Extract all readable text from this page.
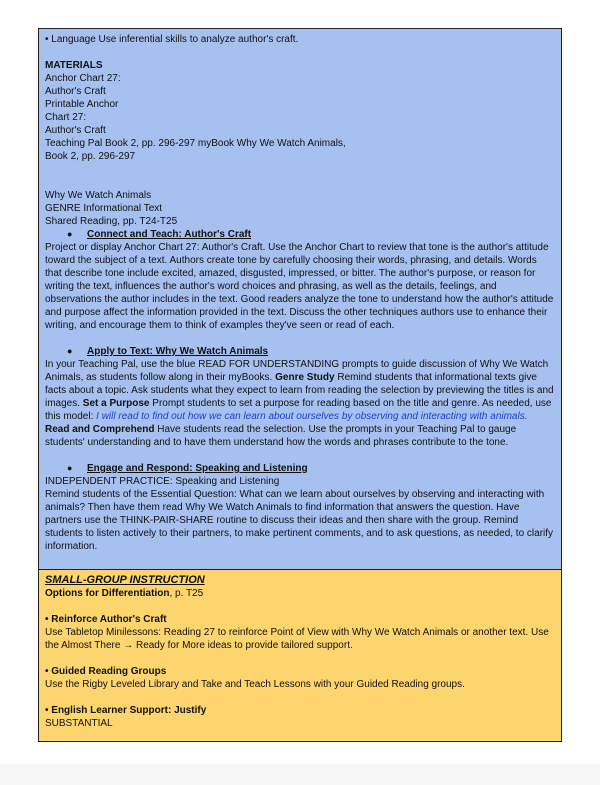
• Language Use inferential skills to analyze author's craft.

MATERIALS

Anchor Chart 27:

Author's Craft

Printable Anchor

Chart 27:

Author's Craft

Teaching Pal Book 2, pp. 296-297 myBook Why We Watch Animals,

Book 2, pp. 296-297

Why We Watch Animals

GENRE Informational Text

Shared Reading, pp. T24-T25

●	Connect and Teach: Author's Craft

Project or display Anchor Chart 27: Author's Craft. Use the Anchor Chart to review that tone is the author's attitude toward the subject of a text. Authors create tone by carefully choosing their words, phrasing, and details. Words that describe tone include excited, amazed, disgusted, impressed, or bitter. The author's purpose, or reason for writing the text, influences the author's word choices and phrasing, as well as the details, feelings, and observations the author includes in the text. Good readers analyze the tone to understand how the author's attitude and purpose affect the information provided in the text. Discuss the other techniques authors use to enhance their writing, and encourage them to think of examples they've seen or read of each.

●	Apply to Text: Why We Watch Animals

In your Teaching Pal, use the blue READ FOR UNDERSTANDING prompts to guide discussion of Why We Watch Animals, as students follow along in their myBooks. Genre Study Remind students that informational texts give facts about a topic. Ask students what they expect to learn from reading the selection by previewing the titles is and images. Set a Purpose Prompt students to set a purpose for reading based on the title and genre. As needed, use this model: I will read to find out how we can learn about ourselves by observing and interacting with animals.

Read and Comprehend Have students read the selection. Use the prompts in your Teaching Pal to gauge students' understanding and to have them understand how the words and phrases contribute to the tone.

●	Engage and Respond: Speaking and Listening

INDEPENDENT PRACTICE: Speaking and Listening

Remind students of the Essential Question: What can we learn about ourselves by observing and interacting with animals? Then have them read Why We Watch Animals to find information that answers the question. Have partners use the THINK-PAIR-SHARE routine to discuss their ideas and then share with the group. Remind students to listen actively to their partners, to make pertinent comments, and to ask questions, as needed, to clarify information.

SMALL-GROUP INSTRUCTION

Options for Differentiation, p. T25

• Reinforce Author's Craft

Use Tabletop Minilessons: Reading 27 to reinforce Point of View with Why We Watch Animals or another text. Use the Almost There → Ready for More ideas to provide tailored support.

• Guided Reading Groups

Use the Rigby Leveled Library and Take and Teach Lessons with your Guided Reading groups.

• English Learner Support: Justify

SUBSTANTIAL
